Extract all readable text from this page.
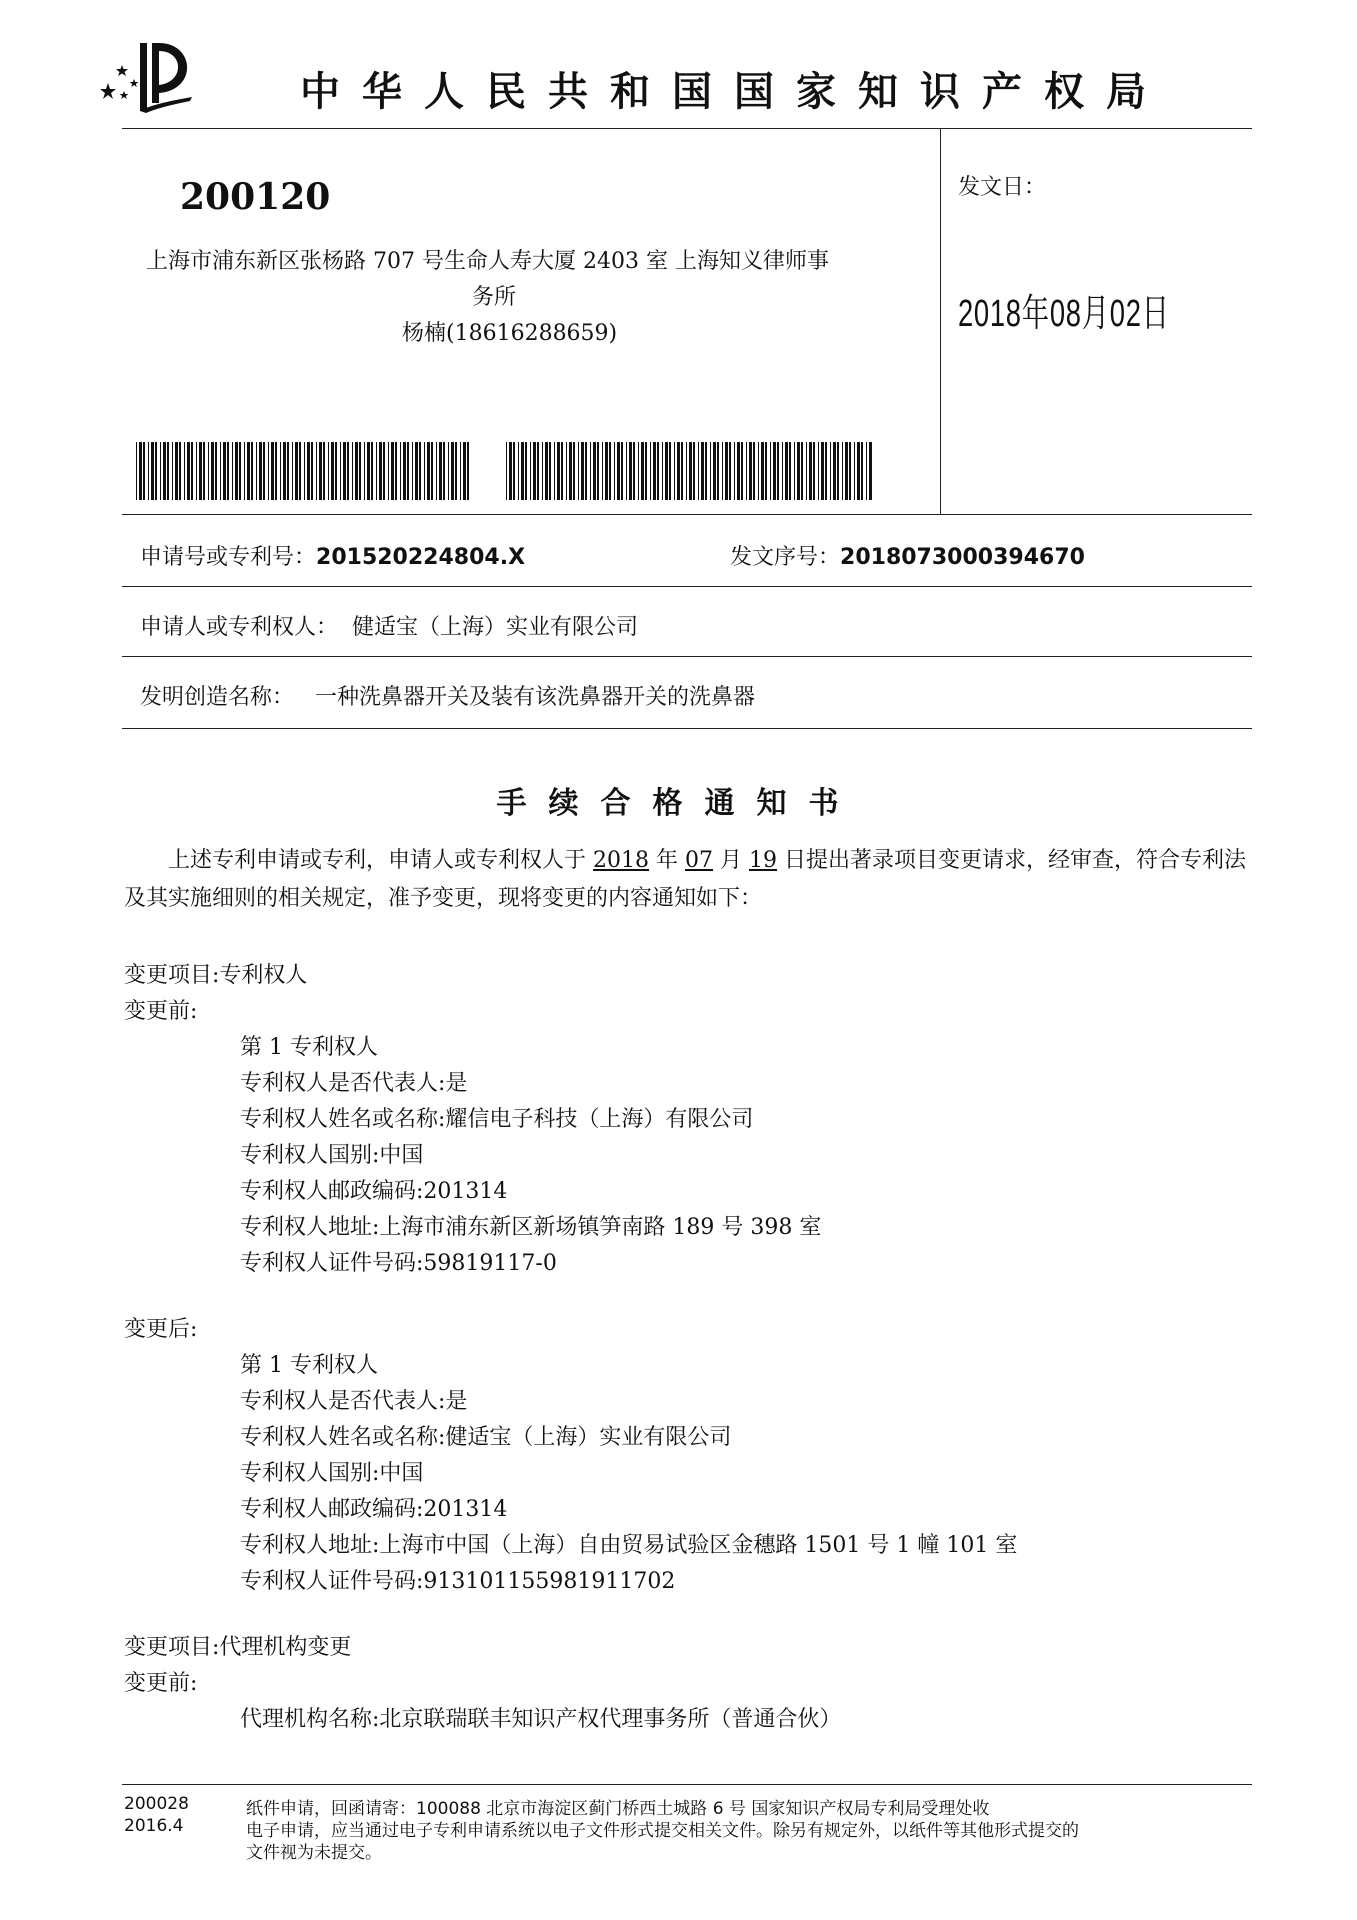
中华人民共和国国家知识产权局
200120
上海市浦东新区张杨路 707 号生命人寿大厦 2403 室 上海知义律师事
务所
杨楠(18616288659)
发文日：
2018年08月02日
申请号或专利号：201520224804.X	发文序号：2018073000394670
申请人或专利权人： 健适宝（上海）实业有限公司
发明创造名称： 一种洗鼻器开关及装有该洗鼻器开关的洗鼻器
手续合格通知书
上述专利申请或专利，申请人或专利权人于 2018 年 07 月 19 日提出著录项目变更请求，经审查，符合专利法及其实施细则的相关规定，准予变更，现将变更的内容通知如下：
变更项目:专利权人
变更前:
第 1 专利权人
专利权人是否代表人:是
专利权人姓名或名称:耀信电子科技（上海）有限公司
专利权人国别:中国
专利权人邮政编码:201314
专利权人地址:上海市浦东新区新场镇笋南路 189 号 398 室
专利权人证件号码:59819117-0
变更后:
第 1 专利权人
专利权人是否代表人:是
专利权人姓名或名称:健适宝（上海）实业有限公司
专利权人国别:中国
专利权人邮政编码:201314
专利权人地址:上海市中国（上海）自由贸易试验区金穗路 1501 号 1 幢 101 室
专利权人证件号码:913101155981911702
变更项目:代理机构变更
变更前:
代理机构名称:北京联瑞联丰知识产权代理事务所（普通合伙）
200028
2016.4
纸件申请，回函请寄：100088 北京市海淀区蓟门桥西土城路 6 号 国家知识产权局专利局受理处收
电子申请，应当通过电子专利申请系统以电子文件形式提交相关文件。除另有规定外，以纸件等其他形式提交的
文件视为未提交。
